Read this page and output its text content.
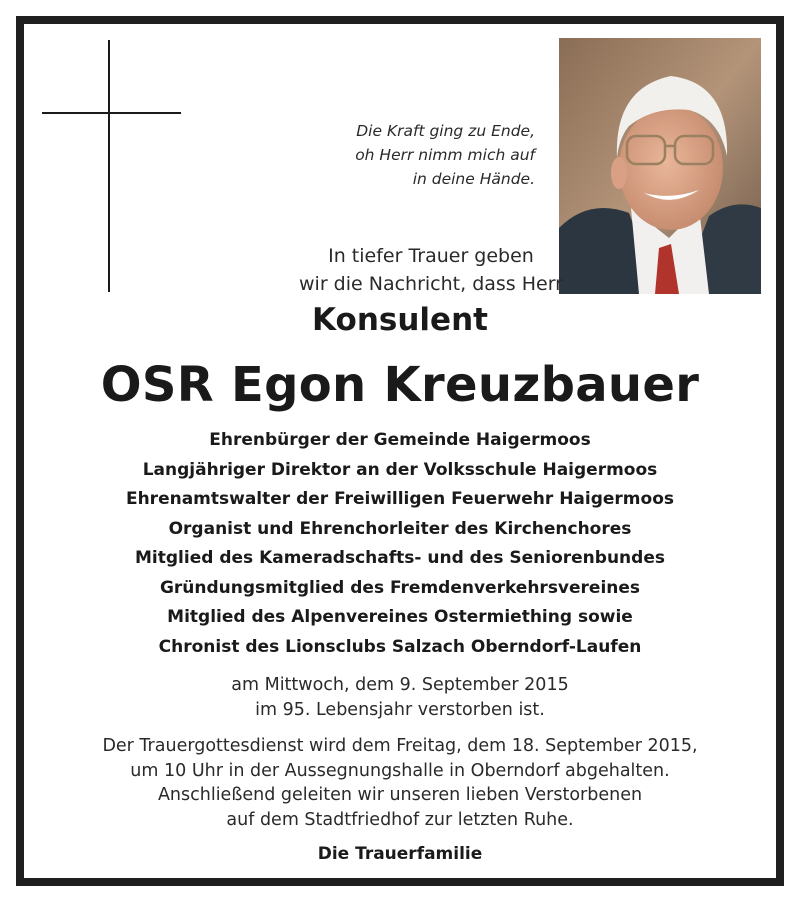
Die Kraft ging zu Ende,
oh Herr nimm mich auf
in deine Hände.
In tiefer Trauer geben
wir die Nachricht, dass Herr
Konsulent
OSR Egon Kreuzbauer
Ehrenbürger der Gemeinde Haigermoos
Langjähriger Direktor an der Volksschule Haigermoos
Ehrenamtswalter der Freiwilligen Feuerwehr Haigermoos
Organist und Ehrenchorleiter des Kirchenchores
Mitglied des Kameradschafts- und des Seniorenbundes
Gründungsmitglied des Fremdenverkehrsvereines
Mitglied des Alpenvereines Ostermiething sowie
Chronist des Lionsclubs Salzach Oberndorf-Laufen
am Mittwoch, dem 9. September 2015
im 95. Lebensjahr verstorben ist.
Der Trauergottesdienst wird dem Freitag, dem 18. September 2015,
um 10 Uhr in der Aussegnungshalle in Oberndorf abgehalten.
Anschließend geleiten wir unseren lieben Verstorbenen
auf dem Stadtfriedhof zur letzten Ruhe.
Die Trauerfamilie
